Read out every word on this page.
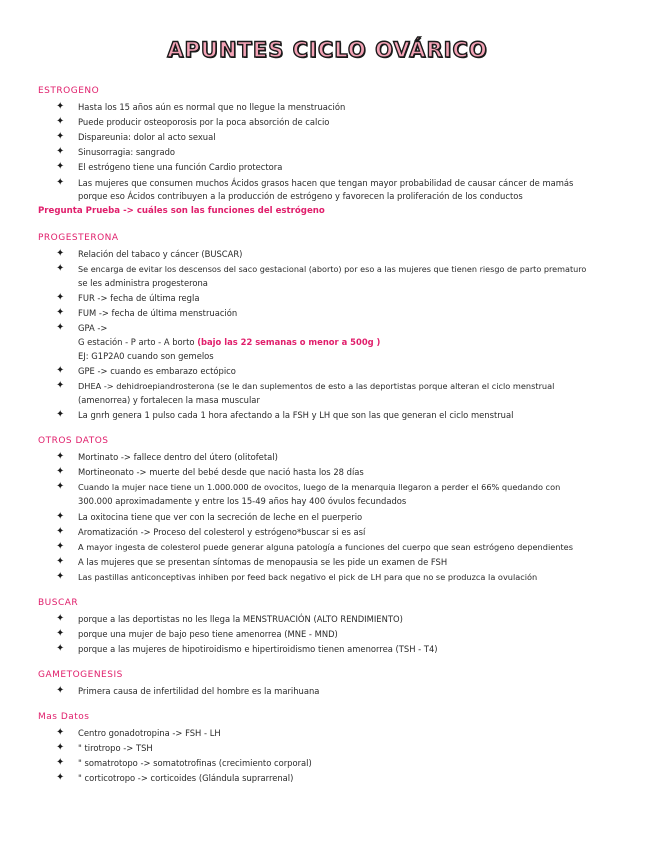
APUNTES CICLO OVÁRICO
ESTROGENO
✦ Hasta los 15 años aún es normal que no llegue la menstruación
✦ Puede producir osteoporosis por la poca absorción de calcio
✦ Dispareunia: dolor al acto sexual
✦ Sinusorragia: sangrado
✦ El estrógeno tiene una función Cardio protectora
✦ Las mujeres que consumen muchos Ácidos grasos hacen que tengan mayor probabilidad de causar cáncer de mamás
porque eso Ácidos contribuyen a la producción de estrógeno y favorecen la proliferación de los conductos
Pregunta Prueba -> cuáles son las funciones del estrógeno
PROGESTERONA
✦ Relación del tabaco y cáncer (BUSCAR)
✦ Se encarga de evitar los descensos del saco gestacional (aborto) por eso a las mujeres que tienen riesgo de parto prematuro
se les administra progesterona
✦ FUR -> fecha de última regla
✦ FUM -> fecha de última menstruación
✦ GPA ->
G estación - P arto - A borto (bajo las 22 semanas o menor a 500g )
EJ: G1P2A0 cuando son gemelos
✦ GPE -> cuando es embarazo ectópico
✦ DHEA -> dehidroepiandrosterona (se le dan suplementos de esto a las deportistas porque alteran el ciclo menstrual
(amenorrea) y fortalecen la masa muscular
✦ La gnrh genera 1 pulso cada 1 hora afectando a la FSH y LH que son las que generan el ciclo menstrual
OTROS DATOS
✦ Mortinato -> fallece dentro del útero (olitofetal)
✦ Mortineonato -> muerte del bebé desde que nació hasta los 28 días
✦ Cuando la mujer nace tiene un 1.000.000 de ovocitos, luego de la menarquia llegaron a perder el 66% quedando con
300.000 aproximadamente y entre los 15-49 años hay 400 óvulos fecundados
✦ La oxitocina tiene que ver con la secreción de leche en el puerperio
✦ Aromatización -> Proceso del colesterol y estrógeno*buscar si es así
✦ A mayor ingesta de colesterol puede generar alguna patología a funciones del cuerpo que sean estrógeno dependientes
✦ A las mujeres que se presentan síntomas de menopausia se les pide un examen de FSH
✦ Las pastillas anticonceptivas inhiben por feed back negativo el pick de LH para que no se produzca la ovulación
BUSCAR
✦ porque a las deportistas no les llega la MENSTRUACIÓN (ALTO RENDIMIENTO)
✦ porque una mujer de bajo peso tiene amenorrea (MNE - MND)
✦ porque a las mujeres de hipotiroidismo e hipertiroidismo tienen amenorrea (TSH - T4)
GAMETOGENESIS
✦ Primera causa de infertilidad del hombre es la marihuana
Mas Datos
✦ Centro gonadotropina -> FSH - LH
✦ " tirotropo -> TSH
✦ " somatrotopo -> somatotrofinas (crecimiento corporal)
✦ " corticotropo -> corticoides (Glándula suprarrenal)
